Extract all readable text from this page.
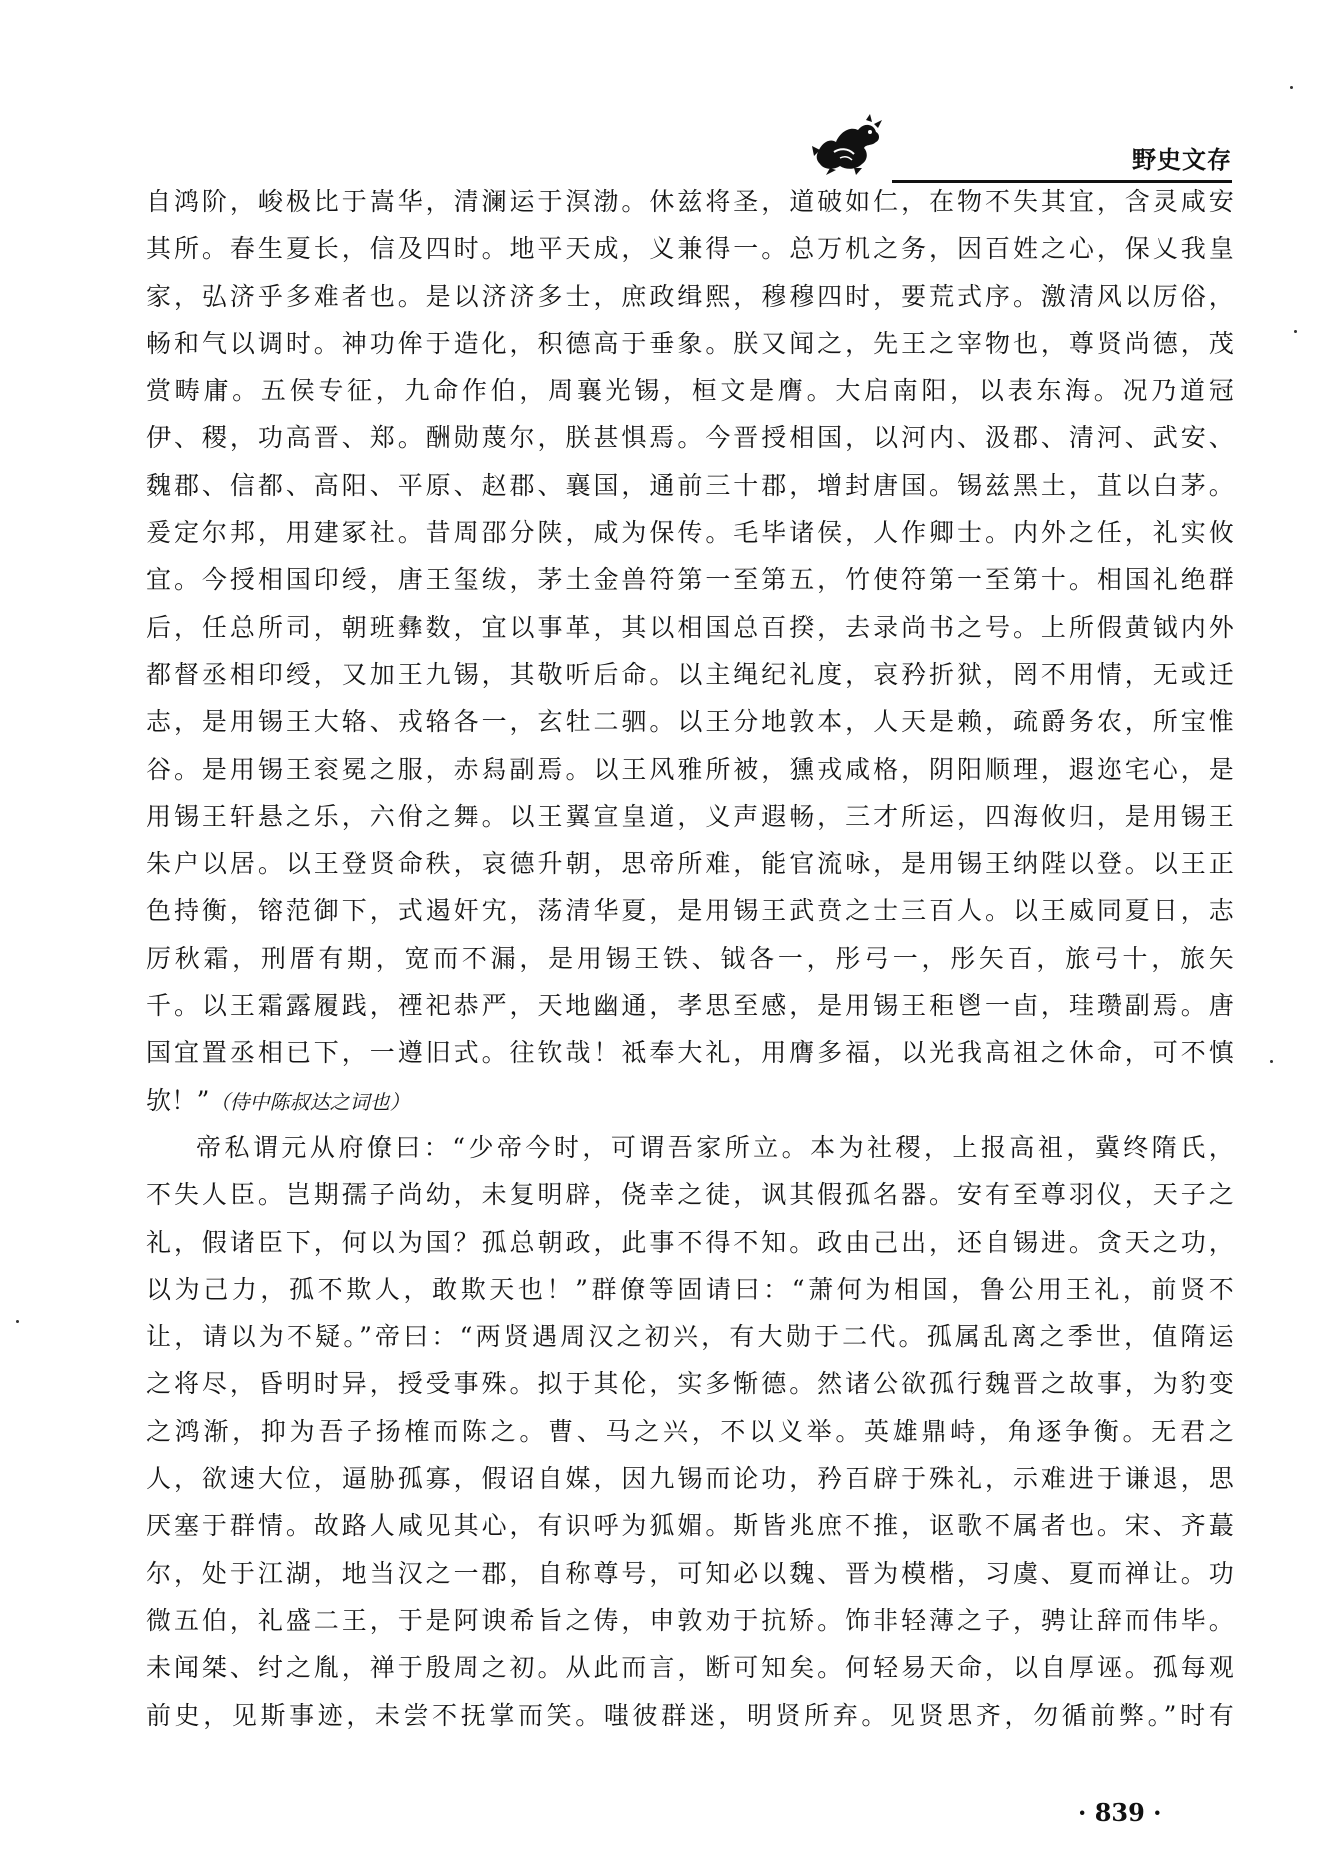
野史文存
自鸿阶，峻极比于嵩华，清澜运于溟渤。休兹将圣，道破如仁，在物不失其宜，含灵咸安
其所。春生夏长，信及四时。地平天成，义兼得一。总万机之务，因百姓之心，保乂我皇
家，弘济乎多难者也。是以济济多士，庶政缉熙，穆穆四时，要荒式序。激清风以厉俗，
畅和气以调时。神功侔于造化，积德高于垂象。朕又闻之，先王之宰物也，尊贤尚德，茂
赏畴庸。五侯专征，九命作伯，周襄光锡，桓文是膺。大启南阳，以表东海。况乃道冠
伊、稷，功高晋、郑。酬勋蔑尔，朕甚惧焉。今晋授相国，以河内、汲郡、清河、武安、
魏郡、信都、高阳、平原、赵郡、襄国，通前三十郡，增封唐国。锡兹黑土，苴以白茅。
爰定尔邦，用建冢社。昔周邵分陕，咸为保传。毛毕诸侯，人作卿士。内外之任，礼实攸
宜。今授相国印绶，唐王玺绂，茅土金兽符第一至第五，竹使符第一至第十。相国礼绝群
后，任总所司，朝班彝数，宜以事革，其以相国总百揆，去录尚书之号。上所假黄钺内外
都督丞相印绶，又加王九锡，其敬听后命。以主绳纪礼度，哀矜折狱，罔不用情，无或迁
志，是用锡王大辂、戎辂各一，玄牡二驷。以王分地敦本，人天是赖，疏爵务农，所宝惟
谷。是用锡王衮冕之服，赤舄副焉。以王风雅所被，獯戎咸格，阴阳顺理，遐迩宅心，是
用锡王轩悬之乐，六佾之舞。以王翼宣皇道，义声遐畅，三才所运，四海攸归，是用锡王
朱户以居。以王登贤命秩，哀德升朝，思帝所难，能官流咏，是用锡王纳陛以登。以王正
色持衡，镕范御下，式遏奸宄，荡清华夏，是用锡王武贲之士三百人。以王威同夏日，志
厉秋霜，刑厝有期，宽而不漏，是用锡王铁、钺各一，彤弓一，彤矢百，旅弓十，旅矢
千。以王霜露履践，禋祀恭严，天地幽通，孝思至感，是用锡王秬鬯一卣，珪瓒副焉。唐
国宜置丞相已下，一遵旧式。往钦哉！祗奉大礼，用膺多福，以光我高祖之休命，可不慎
欤！”（侍中陈叔达之词也）
帝私谓元从府僚曰：“少帝今时，可谓吾家所立。本为社稷，上报高祖，冀终隋氏，
不失人臣。岂期孺子尚幼，未复明辟，侥幸之徒，讽其假孤名器。安有至尊羽仪，天子之
礼，假诸臣下，何以为国？孤总朝政，此事不得不知。政由己出，还自锡进。贪天之功，
以为己力，孤不欺人，敢欺天也！”群僚等固请曰：“萧何为相国，鲁公用王礼，前贤不
让，请以为不疑。”帝曰：“两贤遇周汉之初兴，有大勋于二代。孤属乱离之季世，值隋运
之将尽，昏明时异，授受事殊。拟于其伦，实多惭德。然诸公欲孤行魏晋之故事，为豹变
之鸿渐，抑为吾子扬榷而陈之。曹、马之兴，不以义举。英雄鼎峙，角逐争衡。无君之
人，欲速大位，逼胁孤寡，假诏自媒，因九锡而论功，矜百辟于殊礼，示难进于谦退，思
厌塞于群情。故路人咸见其心，有识呼为狐媚。斯皆兆庶不推，讴歌不属者也。宋、齐蕞
尔，处于江湖，地当汉之一郡，自称尊号，可知必以魏、晋为模楷，习虞、夏而禅让。功
微五伯，礼盛二王，于是阿谀希旨之俦，申敦劝于抗矫。饰非轻薄之子，骋让辞而伟毕。
未闻桀、纣之胤，禅于殷周之初。从此而言，断可知矣。何轻易天命，以自厚诬。孤每观
前史，见斯事迹，未尝不抚掌而笑。嗤彼群迷，明贤所弃。见贤思齐，勿循前弊。”时有
· 839 ·
